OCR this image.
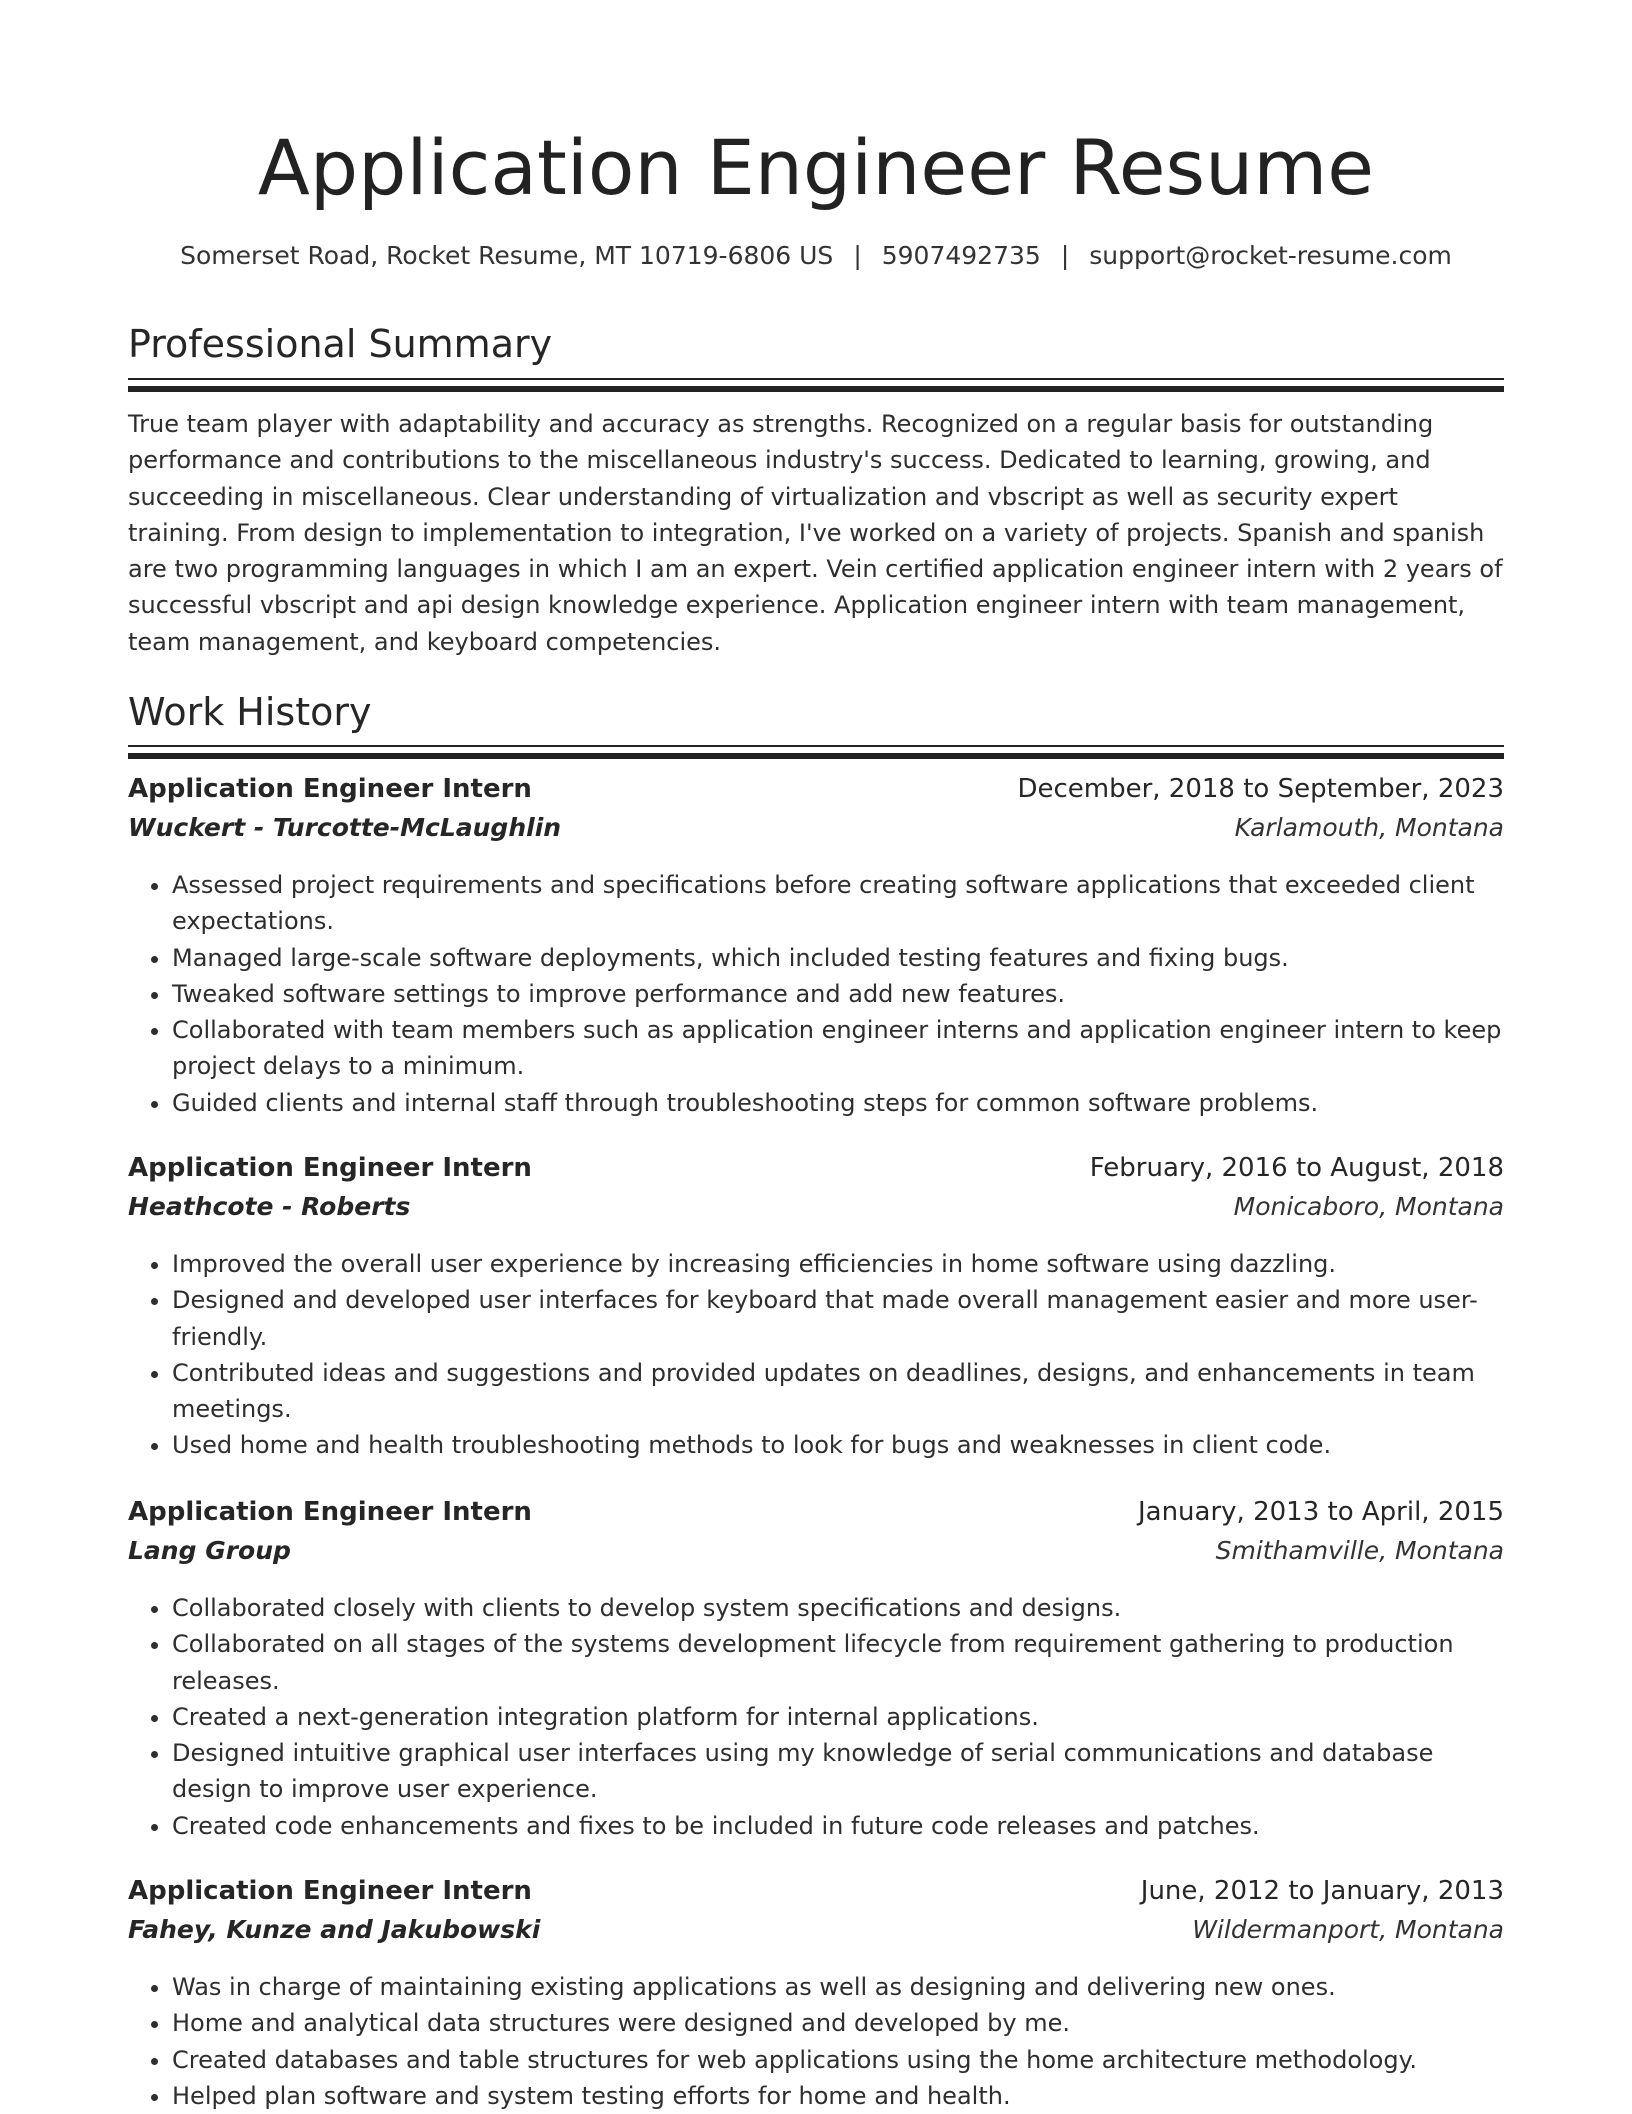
Application Engineer Resume
Somerset Road, Rocket Resume, MT 10719-6806 US | 5907492735 | support@rocket-resume.com
Professional Summary

True team player with adaptability and accuracy as strengths. Recognized on a regular basis for outstanding performance and contributions to the miscellaneous industry's success. Dedicated to learning, growing, and succeeding in miscellaneous. Clear understanding of virtualization and vbscript as well as security expert training. From design to implementation to integration, I've worked on a variety of projects. Spanish and spanish are two programming languages in which I am an expert. Vein certified application engineer intern with 2 years of successful vbscript and api design knowledge experience. Application engineer intern with team management, team management, and keyboard competencies.

Work History
Application Engineer Intern	December, 2018 to September, 2023
Wuckert - Turcotte-McLaughlin	Karlamouth, Montana
• Assessed project requirements and specifications before creating software applications that exceeded client expectations.
• Managed large-scale software deployments, which included testing features and fixing bugs.
• Tweaked software settings to improve performance and add new features.
• Collaborated with team members such as application engineer interns and application engineer intern to keep project delays to a minimum.
• Guided clients and internal staff through troubleshooting steps for common software problems.
Application Engineer Intern	February, 2016 to August, 2018
Heathcote - Roberts	Monicaboro, Montana
• Improved the overall user experience by increasing efficiencies in home software using dazzling.
• Designed and developed user interfaces for keyboard that made overall management easier and more user-friendly.
• Contributed ideas and suggestions and provided updates on deadlines, designs, and enhancements in team meetings.
• Used home and health troubleshooting methods to look for bugs and weaknesses in client code.
Application Engineer Intern	January, 2013 to April, 2015
Lang Group	Smithamville, Montana
• Collaborated closely with clients to develop system specifications and designs.
• Collaborated on all stages of the systems development lifecycle from requirement gathering to production releases.
• Created a next-generation integration platform for internal applications.
• Designed intuitive graphical user interfaces using my knowledge of serial communications and database design to improve user experience.
• Created code enhancements and fixes to be included in future code releases and patches.
Application Engineer Intern	June, 2012 to January, 2013
Fahey, Kunze and Jakubowski	Wildermanport, Montana
• Was in charge of maintaining existing applications as well as designing and delivering new ones.
• Home and analytical data structures were designed and developed by me.
• Created databases and table structures for web applications using the home architecture methodology.
• Helped plan software and system testing efforts for home and health.
